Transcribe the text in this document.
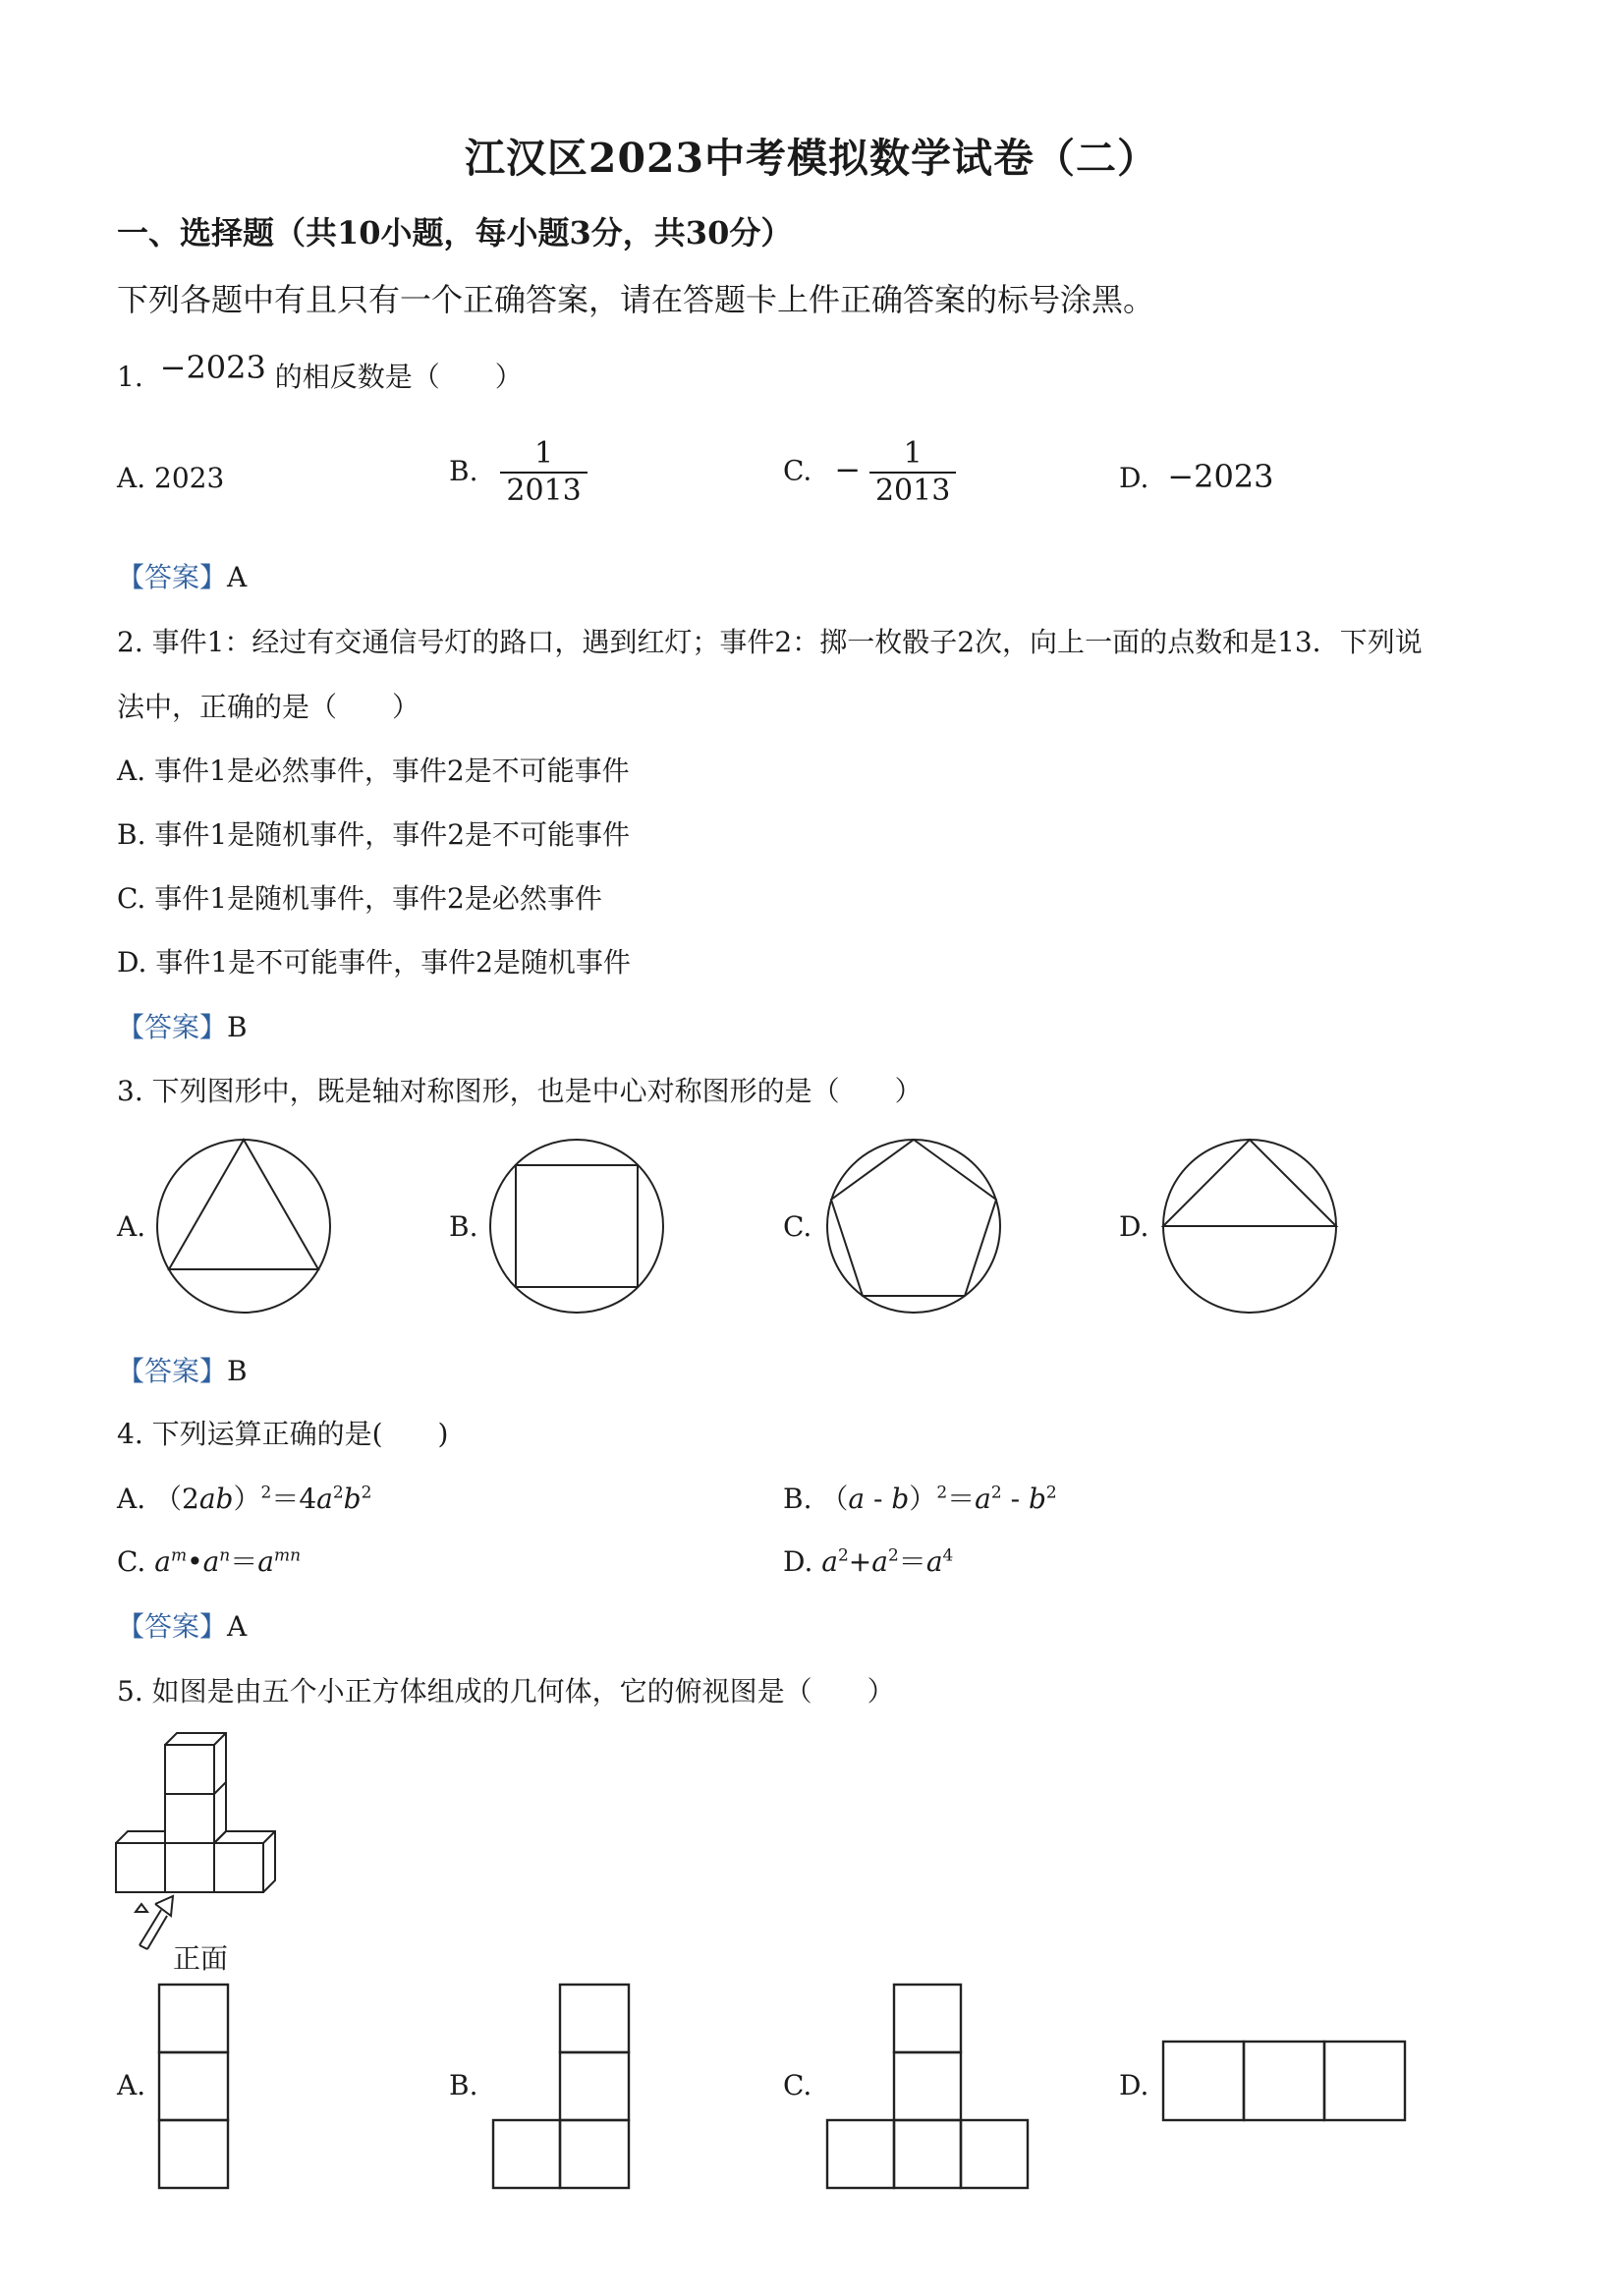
江汉区2023中考模拟数学试卷（二）
一、选择题（共10小题，每小题3分，共30分）
下列各题中有且只有一个正确答案，请在答题卡上件正确答案的标号涂黑。
1. −2023 的相反数是（　　）
A. 2023	B. $\frac{1}{2013}$	C. − $\frac{1}{2013}$	D. −2023
【答案】A
2. 事件1：经过有交通信号灯的路口，遇到红灯；事件2：掷一枚骰子2次，向上一面的点数和是13．下列说
法中，正确的是（　　）
A. 事件1是必然事件，事件2是不可能事件
B. 事件1是随机事件，事件2是不可能事件
C. 事件1是随机事件，事件2是必然事件
D. 事件1是不可能事件，事件2是随机事件
【答案】B
3. 下列图形中，既是轴对称图形，也是中心对称图形的是（　　）
A.	B.	C.	D.
【答案】B
4. 下列运算正确的是(　　)
A. $(2ab)^2=4a^2b^2$	B. $(a - b)^2=a^2 - b^2$
C. $a^m•a^n=a^{mn}$	D. $a^2+a^2=a^4$
【答案】A
5. 如图是由五个小正方体组成的几何体，它的俯视图是（　　）
正面
A.	B.	C.	D.
